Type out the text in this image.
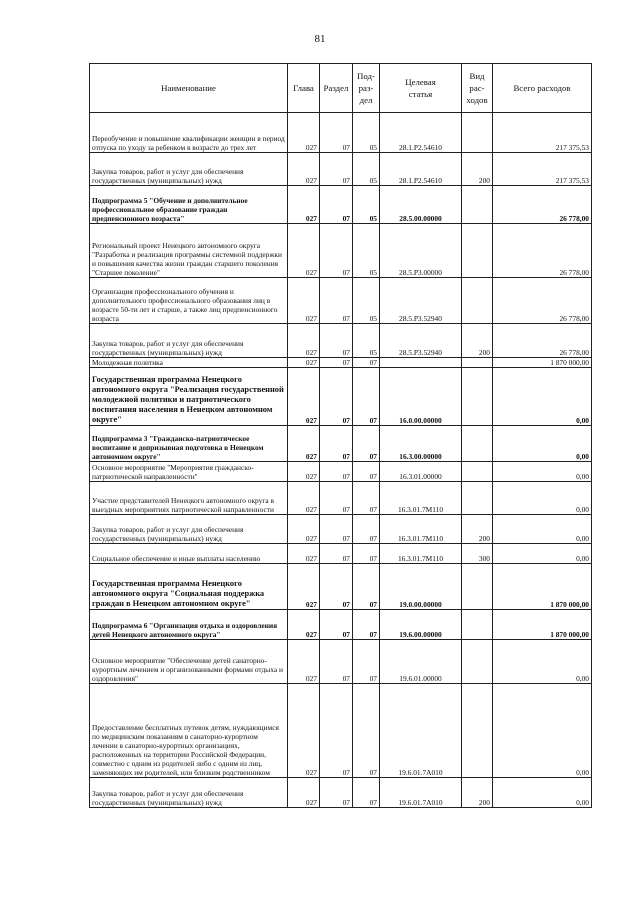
81
Наименование	Глава	Раздел	Под-
раз-
дел	Целевая
статья	Вид
рас-
ходов	Всего расходов
Переобучение и повышение квалификации женщин в период отпуска по уходу за ребенком в возрасте до трех лет	027	07	05	28.1.Р2.54610		217 375,53
Закупка товаров, работ и услуг для обеспечения государственных (муниципальных) нужд	027	07	05	28.1.Р2.54610	200	217 375,53
Подпрограмма 5 "Обучение и дополнительное профессиональное образование граждан предпенсионного возраста"	027	07	05	28.5.00.00000		26 778,00
Региональный проект Ненецкого автономного округа "Разработка и реализация программы системной поддержки и повышения качества жизни граждан старшего поколения "Старшее поколение"	027	07	05	28.5.Р3.00000		26 778,00
Организация профессионального обучения и дополнительного профессионального образования лиц в возрасте 50-ти лет и старше, а также лиц предпенсионного возраста	027	07	05	28.5.Р3.52940		26 778,00
Закупка товаров, работ и услуг для обеспечения государственных (муниципальных) нужд	027	07	05	28.5.Р3.52940	200	26 778,00
Молодежная политика	027	07	07			1 870 000,00
Государственная программа Ненецкого автономного округа "Реализация государственной молодежной политики и патриотического воспитания населения в Ненецком автономном округе"	027	07	07	16.0.00.00000		0,00
Подпрограмма 3 "Гражданско-патриотическое воспитание и допризывная подготовка в Ненецком автономном округе"	027	07	07	16.3.00.00000		0,00
Основное мероприятие "Мероприятия гражданско-патриотической направленности"	027	07	07	16.3.01.00000		0,00
Участие представителей Ненецкого автономного округа в выездных мероприятиях патриотической направленности	027	07	07	16.3.01.7М110		0,00
Закупка товаров, работ и услуг для обеспечения государственных (муниципальных) нужд	027	07	07	16.3.01.7М110	200	0,00
Социальное обеспечение и иные выплаты населению	027	07	07	16.3.01.7М110	300	0,00
Государственная программа Ненецкого автономного округа "Социальная поддержка граждан в Ненецком автономном округе"	027	07	07	19.0.00.00000		1 870 000,00
Подпрограмма 6 "Организация отдыха и оздоровления детей Ненецкого автономного округа"	027	07	07	19.6.00.00000		1 870 000,00
Основное мероприятие "Обеспечение детей санаторно-курортным лечением и организованными формами отдыха и оздоровления"	027	07	07	19.6.01.00000		0,00
Предоставление бесплатных путевок детям, нуждающимся по медицинским показаниям в санаторно-курортном лечении в санаторно-курортных организациях, расположенных на территории Российской Федерации, совместно с одним из родителей либо с одним из лиц, заменяющих им родителей, или близким родственником	027	07	07	19.6.01.7А010		0,00
Закупка товаров, работ и услуг для обеспечения государственных (муниципальных) нужд	027	07	07	19.6.01.7А010	200	0,00
